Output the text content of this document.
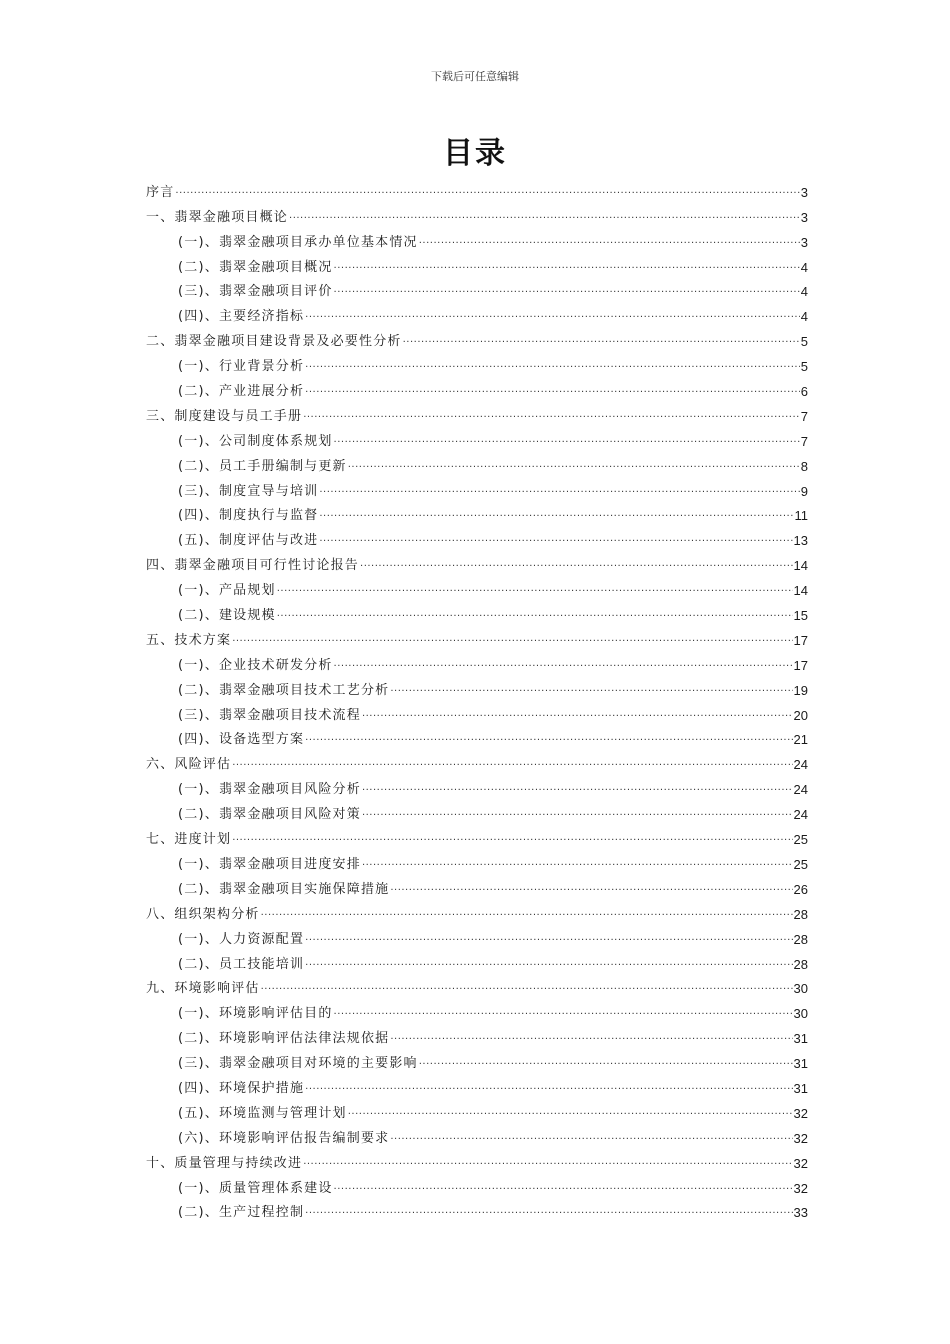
下载后可任意编辑
目录
序言 .....	3
一、翡翠金融项目概论 .....	3
(一)、翡翠金融项目承办单位基本情况 .....	3
(二)、翡翠金融项目概况 .....	4
(三)、翡翠金融项目评价 .....	4
(四)、主要经济指标 .....	4
二、翡翠金融项目建设背景及必要性分析 .....	5
(一)、行业背景分析 .....	5
(二)、产业进展分析 .....	6
三、制度建设与员工手册 .....	7
(一)、公司制度体系规划 .....	7
(二)、员工手册编制与更新 .....	8
(三)、制度宣导与培训 .....	9
(四)、制度执行与监督 .....	11
(五)、制度评估与改进 .....	13
四、翡翠金融项目可行性讨论报告 .....	14
(一)、产品规划 .....	14
(二)、建设规模 .....	15
五、技术方案 .....	17
(一)、企业技术研发分析 .....	17
(二)、翡翠金融项目技术工艺分析 .....	19
(三)、翡翠金融项目技术流程 .....	20
(四)、设备选型方案 .....	21
六、风险评估 .....	24
(一)、翡翠金融项目风险分析 .....	24
(二)、翡翠金融项目风险对策 .....	24
七、进度计划 .....	25
(一)、翡翠金融项目进度安排 .....	25
(二)、翡翠金融项目实施保障措施 .....	26
八、组织架构分析 .....	28
(一)、人力资源配置 .....	28
(二)、员工技能培训 .....	28
九、环境影响评估 .....	30
(一)、环境影响评估目的 .....	30
(二)、环境影响评估法律法规依据 .....	31
(三)、翡翠金融项目对环境的主要影响 .....	31
(四)、环境保护措施 .....	31
(五)、环境监测与管理计划 .....	32
(六)、环境影响评估报告编制要求 .....	32
十、质量管理与持续改进 .....	32
(一)、质量管理体系建设 .....	32
(二)、生产过程控制 .....	33
